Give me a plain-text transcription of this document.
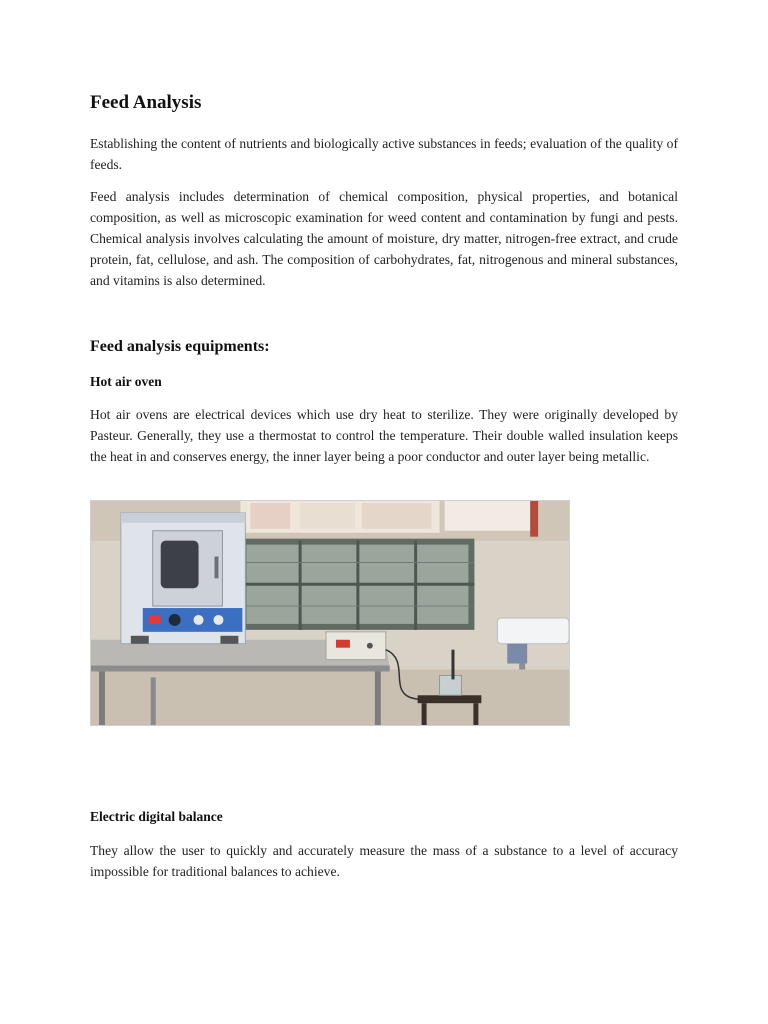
Feed Analysis

Establishing the content of nutrients and biologically active substances in feeds; evaluation of the quality of feeds.

Feed analysis includes determination of chemical composition, physical properties, and botanical composition, as well as microscopic examination for weed content and contamination by fungi and pests. Chemical analysis involves calculating the amount of moisture, dry matter, nitrogen-free extract, and crude protein, fat, cellulose, and ash. The composition of carbohydrates, fat, nitrogenous and mineral substances, and vitamins is also determined.

Feed analysis equipments:
Hot air oven

Hot air ovens are electrical devices which use dry heat to sterilize. They were originally developed by Pasteur. Generally, they use a thermostat to control the temperature. Their double walled insulation keeps the heat in and conserves energy, the inner layer being a poor conductor and outer layer being metallic.

Electric digital balance

They allow the user to quickly and accurately measure the mass of a substance to a level of accuracy impossible for traditional balances to achieve.
